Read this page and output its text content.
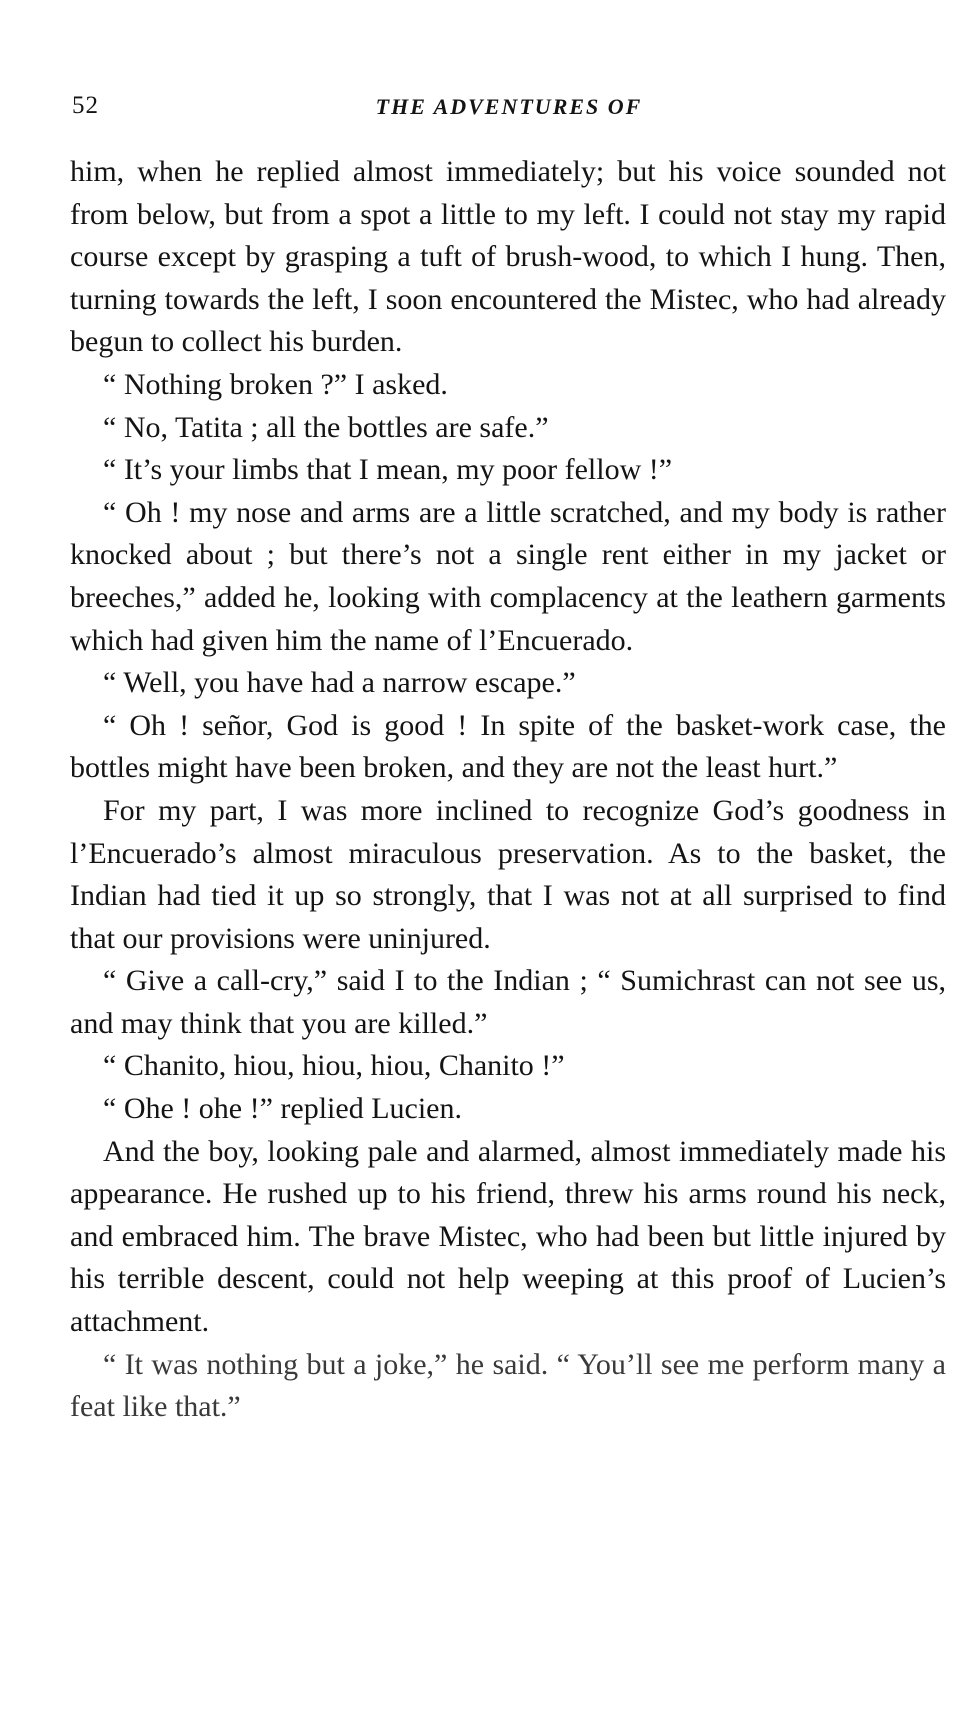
52	THE ADVENTURES OF

him, when he replied almost immediately; but his voice sounded not from below, but from a spot a little to my left. I could not stay my rapid course except by grasping a tuft of brush-wood, to which I hung. Then, turning towards the left, I soon encountered the Mistec, who had already begun to collect his burden.

“ Nothing broken ?” I asked.

“ No, Tatita ; all the bottles are safe.”

“ It’s your limbs that I mean, my poor fellow !”

“ Oh ! my nose and arms are a little scratched, and my body is rather knocked about ; but there’s not a single rent either in my jacket or breeches,” added he, looking with complacency at the leathern garments which had given him the name of l’Encuerado.

“ Well, you have had a narrow escape.”

“ Oh ! señor, God is good ! In spite of the basket-work case, the bottles might have been broken, and they are not the least hurt.”

For my part, I was more inclined to recognize God’s goodness in l’Encuerado’s almost miraculous preservation. As to the basket, the Indian had tied it up so strongly, that I was not at all surprised to find that our provisions were uninjured.

“ Give a call-cry,” said I to the Indian ; “ Sumichrast can not see us, and may think that you are killed.”

“ Chanito, hiou, hiou, hiou, Chanito !”

“ Ohe ! ohe !” replied Lucien.

And the boy, looking pale and alarmed, almost immediately made his appearance. He rushed up to his friend, threw his arms round his neck, and embraced him. The brave Mistec, who had been but little injured by his terrible descent, could not help weeping at this proof of Lucien’s attachment.

“ It was nothing but a joke,” he said. “ You’ll see me perform many a feat like that.”
